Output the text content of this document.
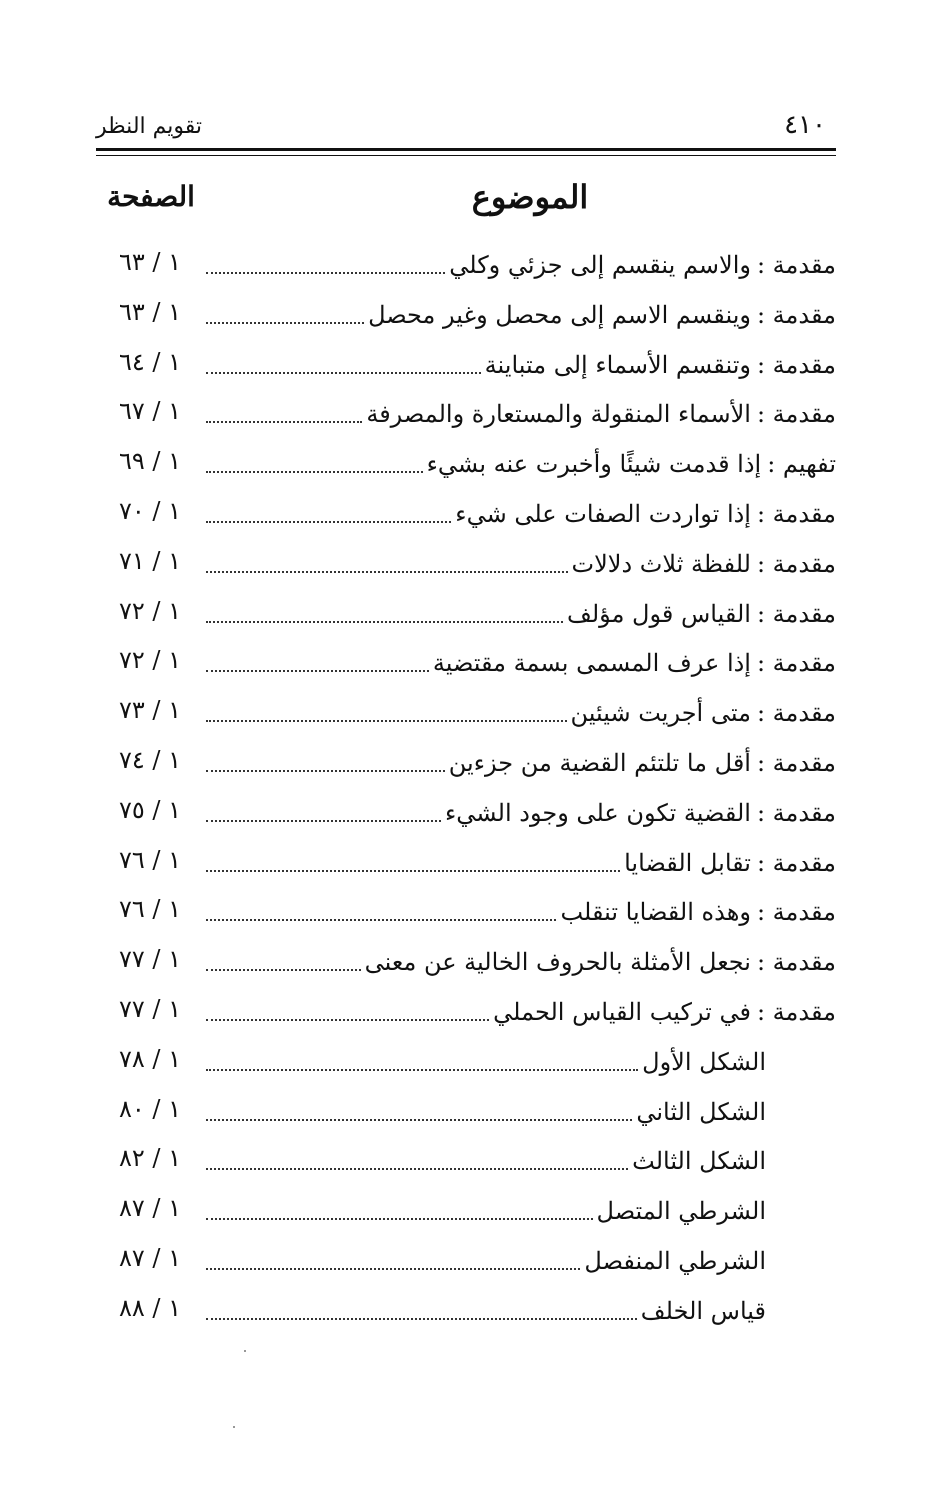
٤١٠
تقويم النظر
الموضوع
الصفحة
١ / ٦٣	مقدمة :والاسم ينقسم إلى جزئي وكلي
١ / ٦٣	مقدمة :وينقسم الاسم إلى محصل وغير محصل
١ / ٦٤	مقدمة :وتنقسم الأسماء إلى متباينة
١ / ٦٧	مقدمة :الأسماء المنقولة والمستعارة والمصرفة
١ / ٦٩	تفهيم :إذا قدمت شيئًا وأخبرت عنه بشيء
١ / ٧٠	مقدمة :إذا تواردت الصفات على شيء
١ / ٧١	مقدمة :للفظة ثلاث دلالات
١ / ٧٢	مقدمة :القياس قول مؤلف
١ / ٧٢	مقدمة :إذا عرف المسمى بسمة مقتضية
١ / ٧٣	مقدمة :متى أجريت شيئين
١ / ٧٤	مقدمة :أقل ما تلتئم القضية من جزءين
١ / ٧٥	مقدمة :القضية تكون على وجود الشيء
١ / ٧٦	مقدمة :تقابل القضايا
١ / ٧٦	مقدمة :وهذه القضايا تنقلب
١ / ٧٧	مقدمة :نجعل الأمثلة بالحروف الخالية عن معنى
١ / ٧٧	مقدمة :في تركيب القياس الحملي
١ / ٧٨	الشكل الأول
١ / ٨٠	الشكل الثاني
١ / ٨٢	الشكل الثالث
١ / ٨٧	الشرطي المتصل
١ / ٨٧	الشرطي المنفصل
١ / ٨٨	قياس الخلف
